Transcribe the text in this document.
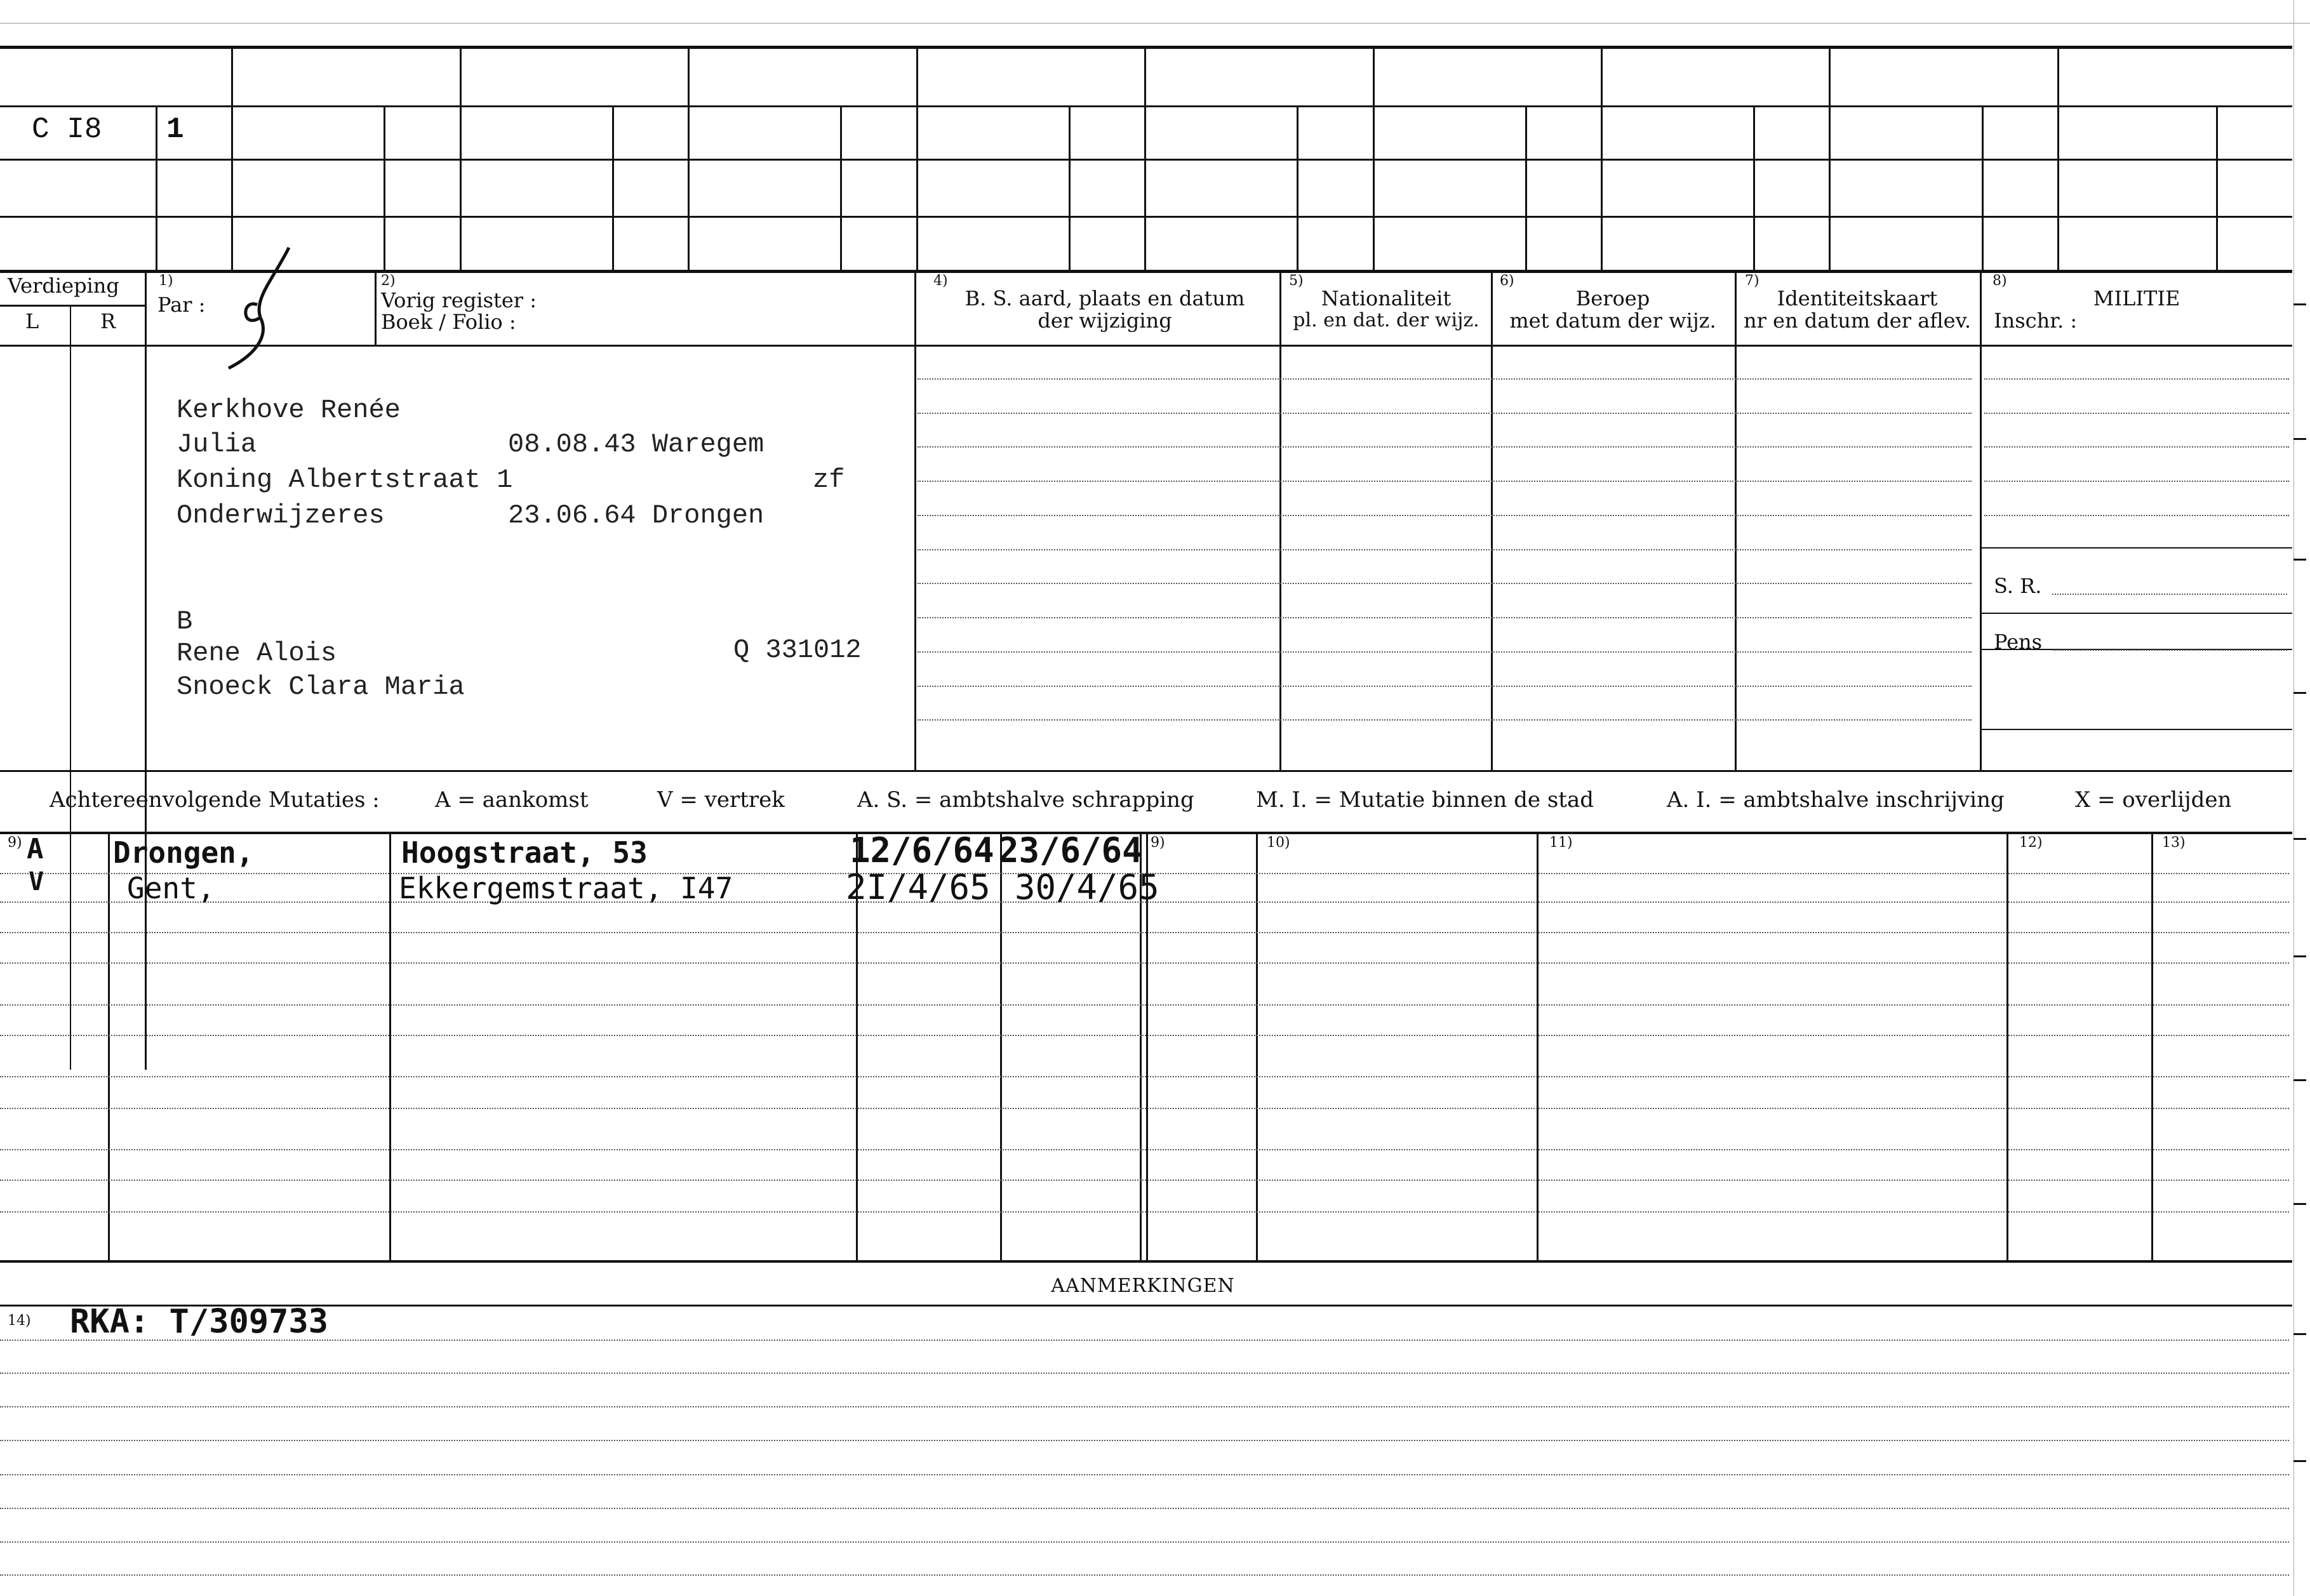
C I8 1
Verdieping
L	R
1)
Par :
2)
Vorig register :
Boek / Folio :
4)
B. S. aard, plaats en datum
der wijziging
5)
Nationaliteit
pl. en dat. der wijz.
6)
Beroep
met datum der wijz.
7)
Identiteitskaart
nr en datum der aflev.
8)
MILITIE
Inschr. :
Kerkhove Renée
Julia	08.08.43 Waregem
Koning Albertstraat 1	zf
Onderwijzeres	23.06.64 Drongen
B
Rene Alois	Q 331012
Snoeck Clara Maria
S. R.
Pens
Achtereenvolgende Mutaties :	A = aankomst	V = vertrek	A. S. = ambtshalve schrapping	M. I. = Mutatie binnen de stad	A. I. = ambtshalve inschrijving	X = overlijden
9)	9)	10)	11)	12)	13)
A Drongen,	Hoogstraat, 53	12/6/64 23/6/64
V	Gent,	Ekkergemstraat, I47	2I/4/65 30/4/65
AANMERKINGEN
14) RKA: T/309733
